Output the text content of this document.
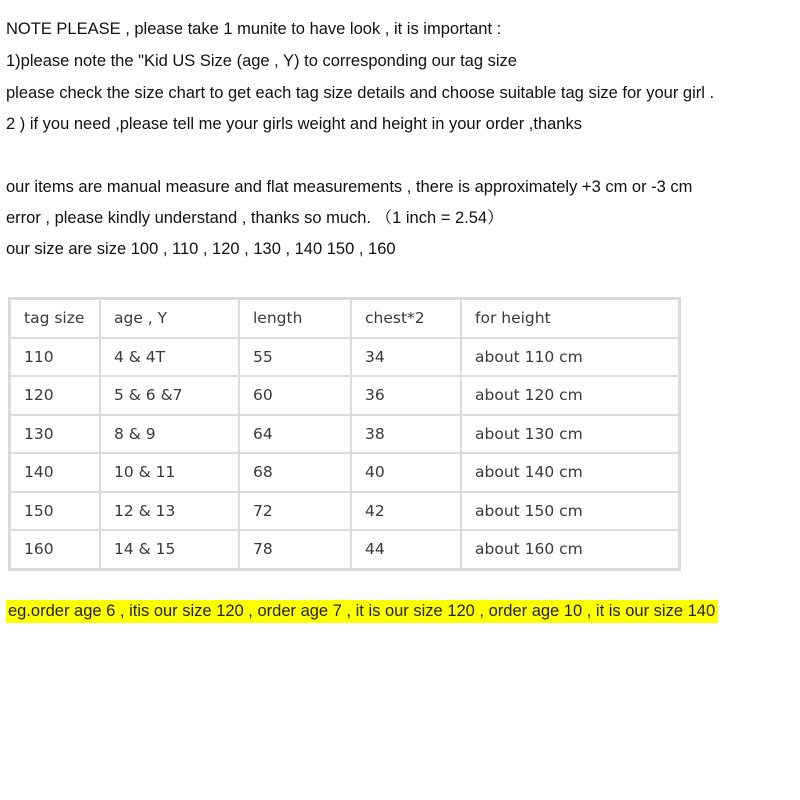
NOTE PLEASE , please take 1 munite to have look , it is important :
1)please note the "Kid US Size (age , Y) to corresponding our tag size
please check the size chart to get each tag size details and choose suitable tag size for your girl .
2 ) if you need ,please tell me your girls weight and height in your order ,thanks
our items are manual measure and flat measurements , there is approximately +3 cm or -3 cm
error , please kindly understand , thanks so much. （1 inch = 2.54）
our size are size 100 , 110 , 120 , 130 , 140 150 , 160
tag size	age , Y	length	chest*2	for height
110	4 & 4T	55	34	about 110 cm
120	5 & 6 &7	60	36	about 120 cm
130	8 & 9	64	38	about 130 cm
140	10 & 11	68	40	about 140 cm
150	12 & 13	72	42	about 150 cm
160	14 & 15	78	44	about 160 cm
eg.order age 6 , itis our size 120 , order age 7 , it is our size 120 , order age 10 , it is our size 140
